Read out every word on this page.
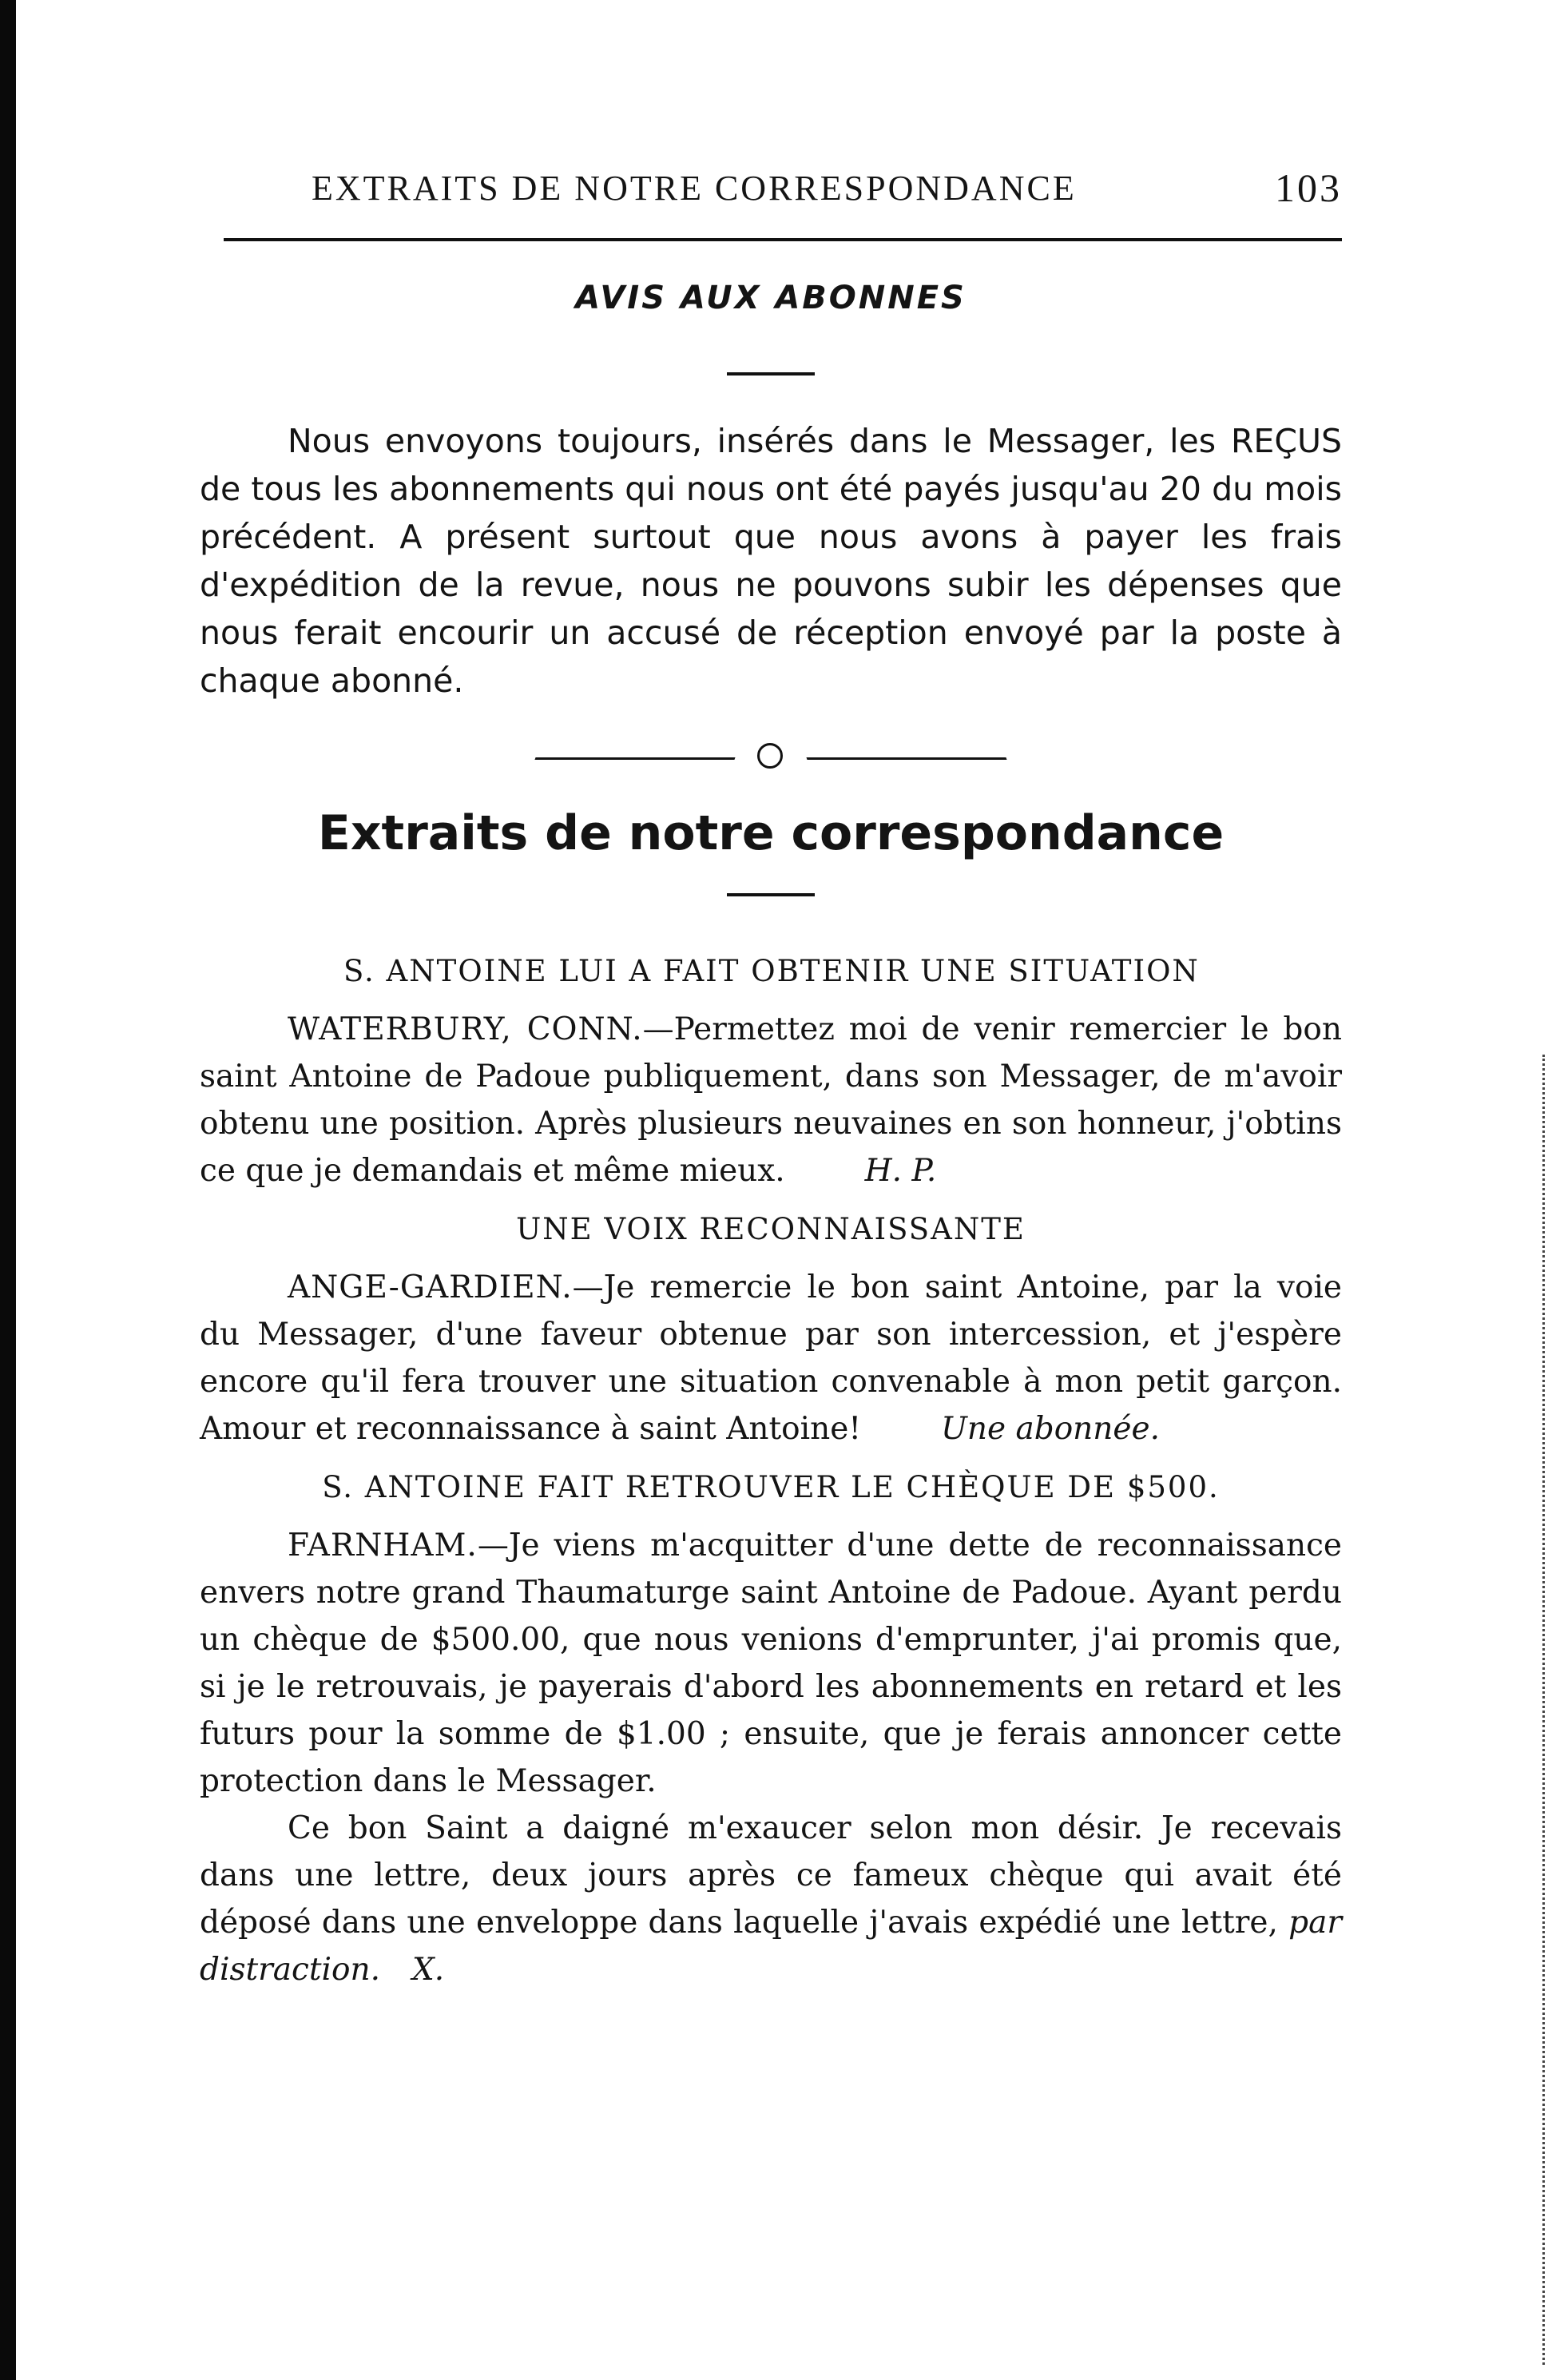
EXTRAITS DE NOTRE CORRESPONDANCE	103
AVIS AUX ABONNES

Nous envoyons toujours, insérés dans le Messager, les REÇUS de tous les abonnements qui nous ont été payés jusqu'au 20 du mois précédent. A présent surtout que nous avons à payer les frais d'expédition de la revue, nous ne pouvons subir les dépenses que nous ferait encourir un accusé de réception envoyé par la poste à chaque abonné.

Extraits de notre correspondance
S. ANTOINE LUI A FAIT OBTENIR UNE SITUATION

WATERBURY, CONN.—Permettez moi de venir remercier le bon saint Antoine de Padoue publiquement, dans son Messager, de m'avoir obtenu une position. Après plusieurs neuvaines en son honneur, j'obtins ce que je demandais et même mieux.	H. P.

UNE VOIX RECONNAISSANTE

ANGE-GARDIEN.—Je remercie le bon saint Antoine, par la voie du Messager, d'une faveur obtenue par son intercession, et j'espère encore qu'il fera trouver une situation convenable à mon petit garçon. Amour et reconnaissance à saint Antoine!	Une abonnée.

S. ANTOINE FAIT RETROUVER LE CHÈQUE DE $500.

FARNHAM.—Je viens m'acquitter d'une dette de reconnaissance envers notre grand Thaumaturge saint Antoine de Padoue. Ayant perdu un chèque de $500.00, que nous venions d'emprunter, j'ai promis que, si je le retrouvais, je payerais d'abord les abonnements en retard et les futurs pour la somme de $1.00 ; ensuite, que je ferais annoncer cette protection dans le Messager.

Ce bon Saint a daigné m'exaucer selon mon désir. Je recevais dans une lettre, deux jours après ce fameux chèque qui avait été déposé dans une enveloppe dans laquelle j'avais expédié une lettre, par distraction. X.
